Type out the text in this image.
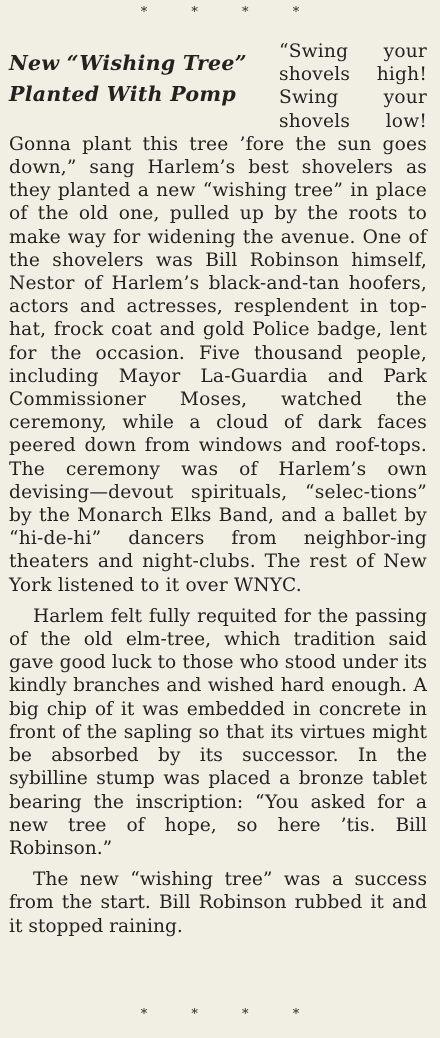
* * * *
New “Wishing Tree”
Planted With Pomp

“Swing your shovels high! Swing your shovels low! Gonna plant this tree ’fore the sun goes down,” sang Harlem’s best shovelers as they planted a new “wishing tree” in place of the old one, pulled up by the roots to make way for widening the avenue. One of the shovelers was Bill Robinson himself, Nestor of Harlem’s black-and-tan hoofers, actors and actresses, resplendent in top-hat, frock coat and gold Police badge, lent for the occasion. Five thousand people, including Mayor La-Guardia and Park Commissioner Moses, watched the ceremony, while a cloud of dark faces peered down from windows and roof-tops. The ceremony was of Harlem’s own devising—devout spirituals, “selec-tions” by the Monarch Elks Band, and a ballet by “hi-de-hi” dancers from neighbor-ing theaters and night-clubs. The rest of New York listened to it over WNYC.

Harlem felt fully requited for the passing of the old elm-tree, which tradition said gave good luck to those who stood under its kindly branches and wished hard enough. A big chip of it was embedded in concrete in front of the sapling so that its virtues might be absorbed by its successor. In the sybilline stump was placed a bronze tablet bearing the inscription: “You asked for a new tree of hope, so here ’tis. Bill Robinson.”

The new “wishing tree” was a success from the start. Bill Robinson rubbed it and it stopped raining.

* * * *
